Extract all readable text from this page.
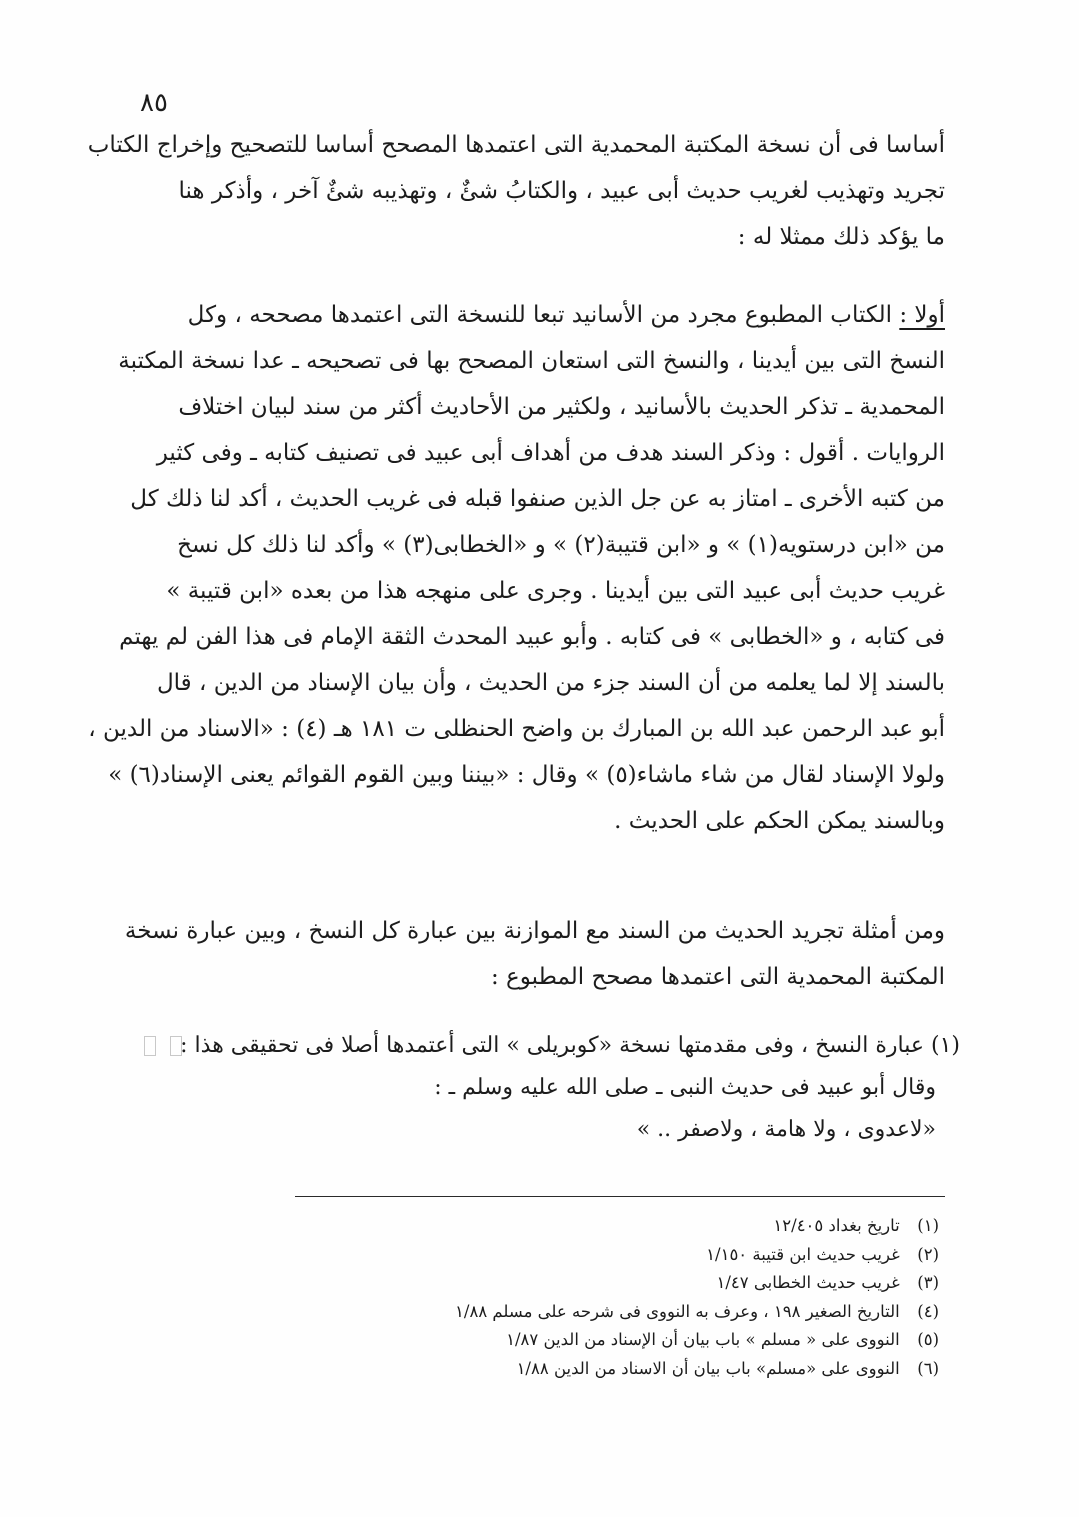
٨٥
أساسا فى أن نسخة المكتبة المحمدية التى اعتمدها المصحح أساسا للتصحيح وإخراج الكتاب
تجريد وتهذيب لغريب حديث أبى عبيد ، والكتابُ شئٌ ، وتهذيبه شئٌ آخر ، وأذكر هنا
ما يؤكد ذلك ممثلا له :
أولا : الكتاب المطبوع مجرد من الأسانيد تبعا للنسخة التى اعتمدها مصححه ، وكل
النسخ التى بين أيدينا ، والنسخ التى استعان المصحح بها فى تصحيحه ـ عدا نسخة المكتبة
المحمدية ـ تذكر الحديث بالأسانيد ، ولكثير من الأحاديث أكثر من سند لبيان اختلاف
الروايات . أقول : وذكر السند هدف من أهداف أبى عبيد فى تصنيف كتابه ـ وفى كثير
من كتبه الأخرى ـ امتاز به عن جل الذين صنفوا قبله فى غريب الحديث ، أكد لنا ذلك كل
من «ابن درستويه(١) » و «ابن قتيبة(٢) » و «الخطابى(٣) » وأكد لنا ذلك كل نسخ
غريب حديث أبى عبيد التى بين أيدينا . وجرى على منهجه هذا من بعده «ابن قتيبة »
فى كتابه ، و «الخطابى » فى كتابه . وأبو عبيد المحدث الثقة الإمام فى هذا الفن لم يهتم
بالسند إلا لما يعلمه من أن السند جزء من الحديث ، وأن بيان الإسناد من الدين ، قال
أبو عبد الرحمن عبد الله بن المبارك بن واضح الحنظلى ت ١٨١ هـ (٤) : «الاسناد من الدين ،
ولولا الإسناد لقال من شاء ماشاء(٥) » وقال : «بيننا وبين القوم القوائم يعنى الإسناد(٦) »
وبالسند يمكن الحكم على الحديث .
ومن أمثلة تجريد الحديث من السند مع الموازنة بين عبارة كل النسخ ، وبين عبارة نسخة
المكتبة المحمدية التى اعتمدها مصحح المطبوع :
(١) عبارة النسخ ، وفى مقدمتها نسخة «كوبريلى » التى أعتمدها أصلا فى تحقيقى هذا :
وقال أبو عبيد فى حديث النبى ـ صلى الله عليه وسلم ـ :
«لاعدوى ، ولا هامة ، ولاصفر .. »
(١) تاريخ بغداد ١٢/٤٠٥
(٢) غريب حديث ابن قتيبة ١/١٥٠
(٣) غريب حديث الخطابى ١/٤٧
(٤) التاريخ الصغير ١٩٨ ، وعرف به النووى فى شرحه على مسلم ١/٨٨
(٥) النووى على « مسلم » باب بيان أن الإسناد من الدين ١/٨٧
(٦) النووى على «مسلم» باب بيان أن الاسناد من الدين ١/٨٨
